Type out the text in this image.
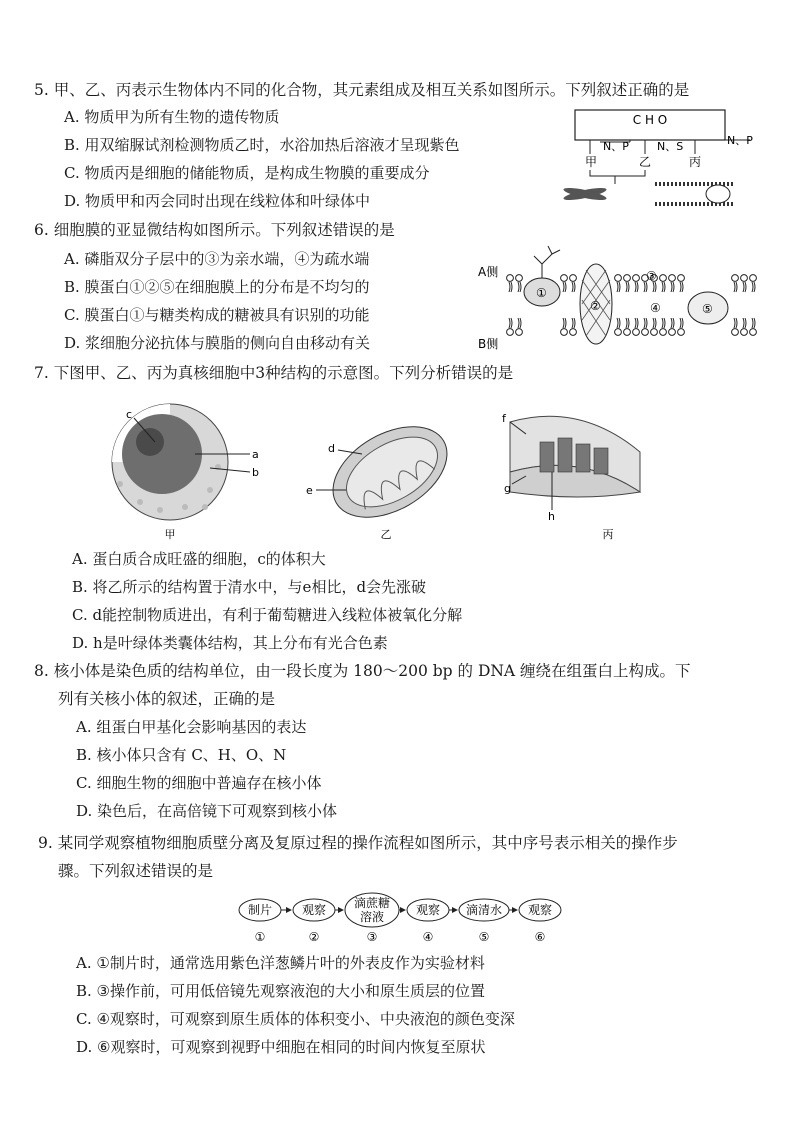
5. 甲、乙、丙表示生物体内不同的化合物，其元素组成及相互关系如图所示。下列叙述正确的是
A. 物质甲为所有生物的遗传物质
B. 用双缩脲试剂检测物质乙时，水浴加热后溶液才呈现紫色
C. 物质丙是细胞的储能物质，是构成生物膜的重要成分
D. 物质甲和丙会同时出现在线粒体和叶绿体中
C H O
N、P	N、S	N、P
甲	乙	丙
6. 细胞膜的亚显微结构如图所示。下列叙述错误的是
A. 磷脂双分子层中的③为亲水端，④为疏水端
B. 膜蛋白①②⑤在细胞膜上的分布是不均匀的
C. 膜蛋白①与糖类构成的糖被具有识别的功能
D. 浆细胞分泌抗体与膜脂的侧向自由移动有关
A侧
B侧
①
②
③
④	⑤
7. 下图甲、乙、丙为真核细胞中3种结构的示意图。下列分析错误的是
c
a
b
甲
d
e
乙
f
g
h
丙
A. 蛋白质合成旺盛的细胞，c的体积大
B. 将乙所示的结构置于清水中，与e相比，d会先涨破
C. d能控制物质进出，有利于葡萄糖进入线粒体被氧化分解
D. h是叶绿体类囊体结构，其上分布有光合色素
8. 核小体是染色质的结构单位，由一段长度为 180～200 bp 的 DNA 缠绕在组蛋白上构成。下
列有关核小体的叙述，正确的是
A. 组蛋白甲基化会影响基因的表达
B. 核小体只含有 C、H、O、N
C. 细胞生物的细胞中普遍存在核小体
D. 染色后，在高倍镜下可观察到核小体
9. 某同学观察植物细胞质壁分离及复原过程的操作流程如图所示，其中序号表示相关的操作步
骤。下列叙述错误的是
制片 观察 滴蔗糖
溶液	观察 滴清水 观察
①	②	③	④	⑤	⑥
A. ①制片时，通常选用紫色洋葱鳞片叶的外表皮作为实验材料
B. ③操作前，可用低倍镜先观察液泡的大小和原生质层的位置
C. ④观察时，可观察到原生质体的体积变小、中央液泡的颜色变深
D. ⑥观察时，可观察到视野中细胞在相同的时间内恢复至原状
